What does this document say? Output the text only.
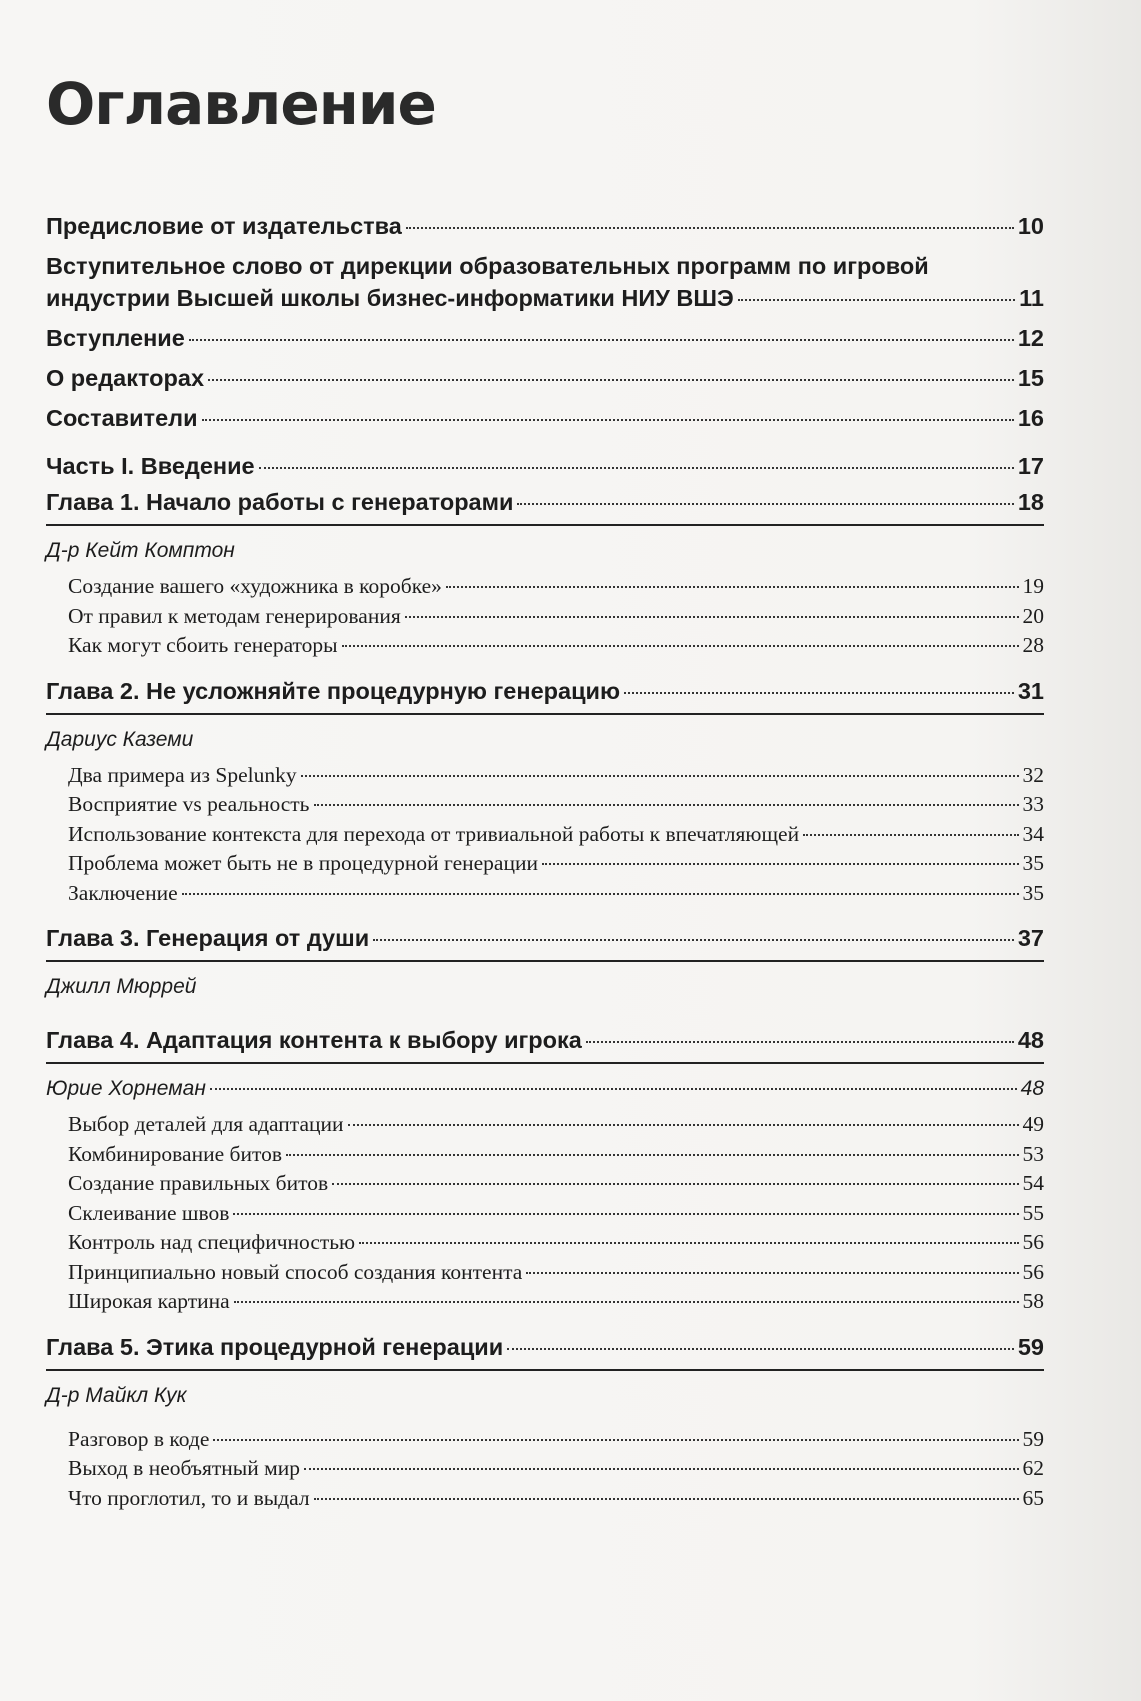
Оглавление
Предисловие от издательства	10
Вступительное слово от дирекции образовательных программ по игровой
индустрии Высшей школы бизнес-информатики НИУ ВШЭ	11
Вступление	12
О редакторах	15
Составители	16
Часть I. Введение	17
Глава 1. Начало работы с генераторами	18
Д-р Кейт Комптон
Создание вашего «художника в коробке»	19
От правил к методам генерирования	20
Как могут сбоить генераторы	28
Глава 2. Не усложняйте процедурную генерацию	31
Дариус Каземи
Два примера из Spelunky	32
Восприятие vs реальность	33
Использование контекста для перехода от тривиальной работы к впечатляющей	34
Проблема может быть не в процедурной генерации	35
Заключение	35
Глава 3. Генерация от души	37
Джилл Мюррей
Глава 4. Адаптация контента к выбору игрока	48
Юрие Хорнеман	48
Выбор деталей для адаптации	49
Комбинирование битов	53
Создание правильных битов	54
Склеивание швов	55
Контроль над специфичностью	56
Принципиально новый способ создания контента	56
Широкая картина	58
Глава 5. Этика процедурной генерации	59
Д-р Майкл Кук
Разговор в коде	59
Выход в необъятный мир	62
Что проглотил, то и выдал	65
